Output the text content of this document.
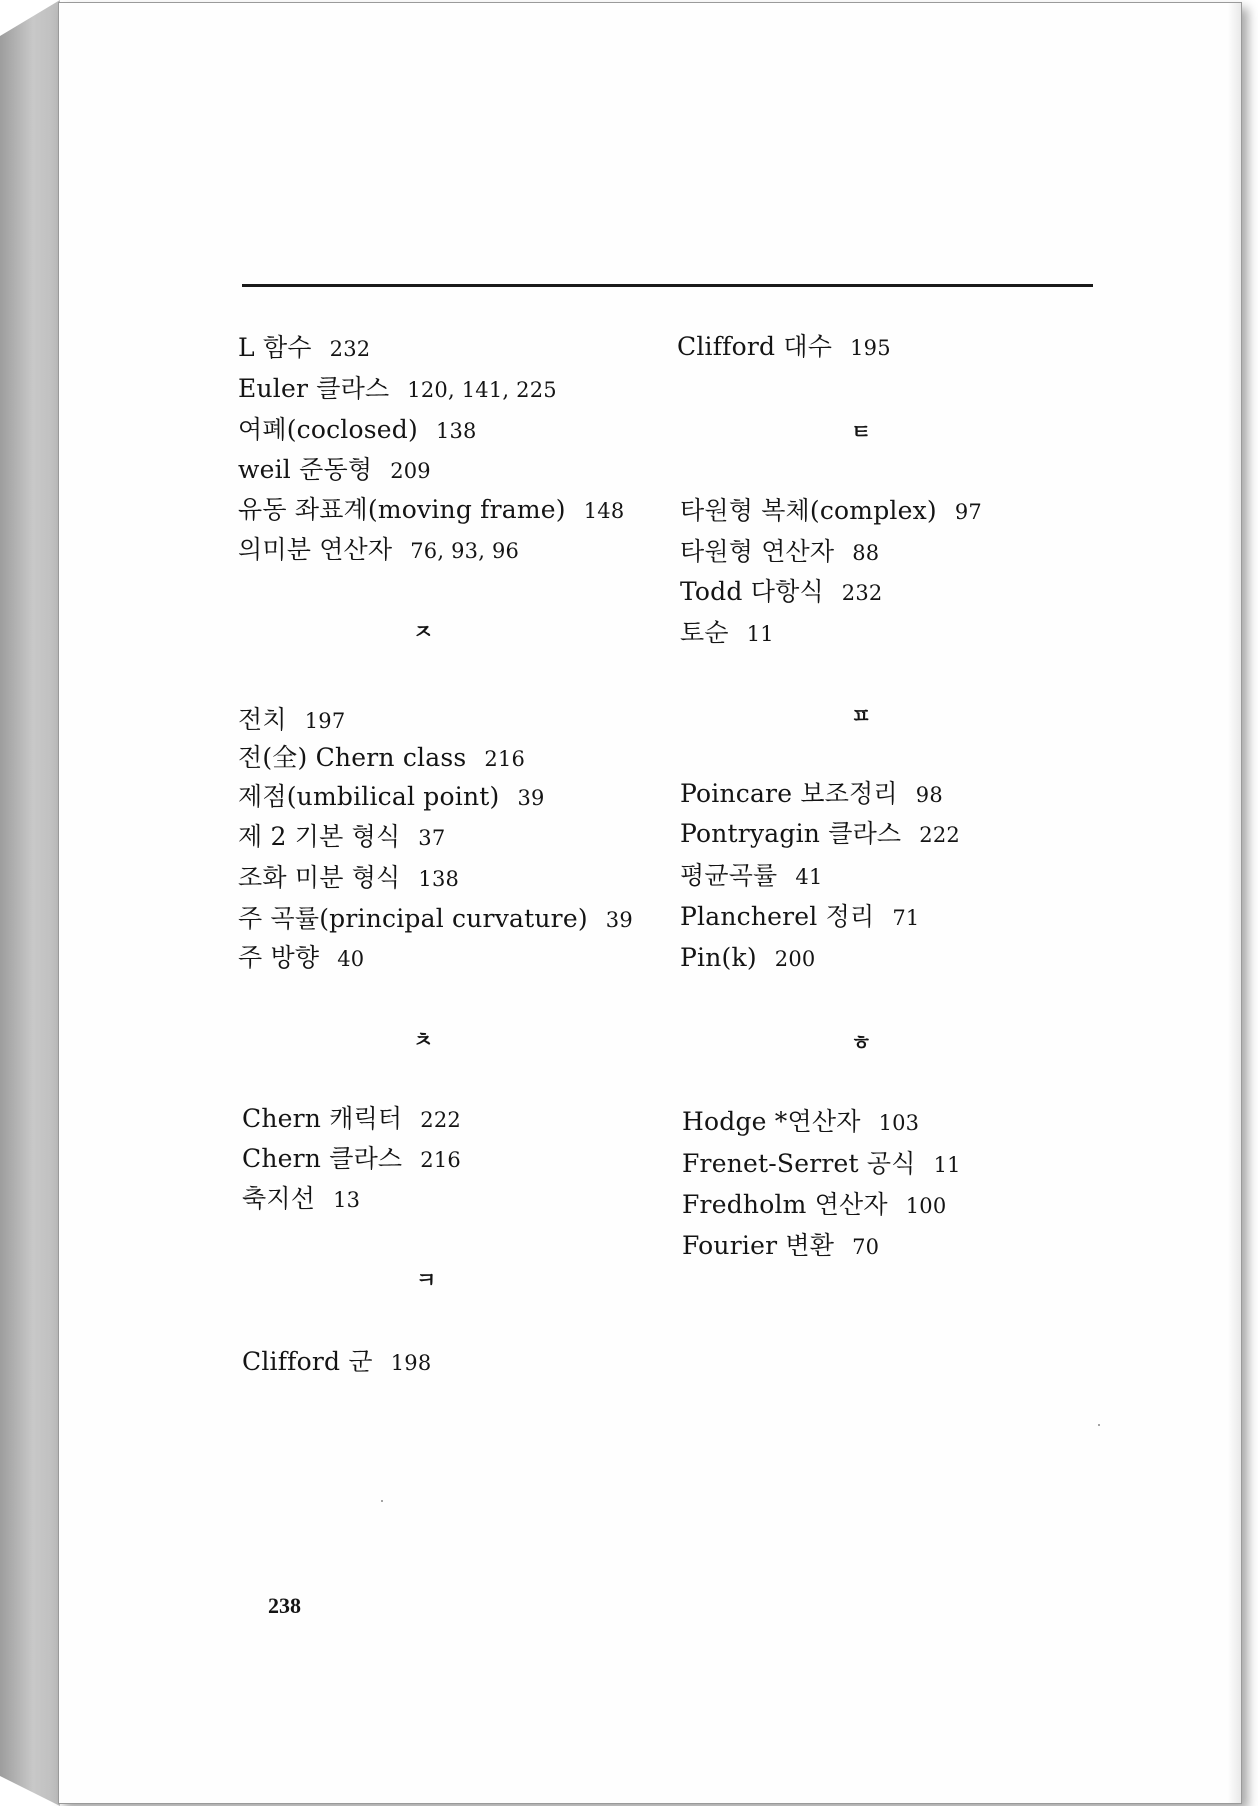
L 함수 232
Euler 클라스 120, 141, 225
여폐(coclosed) 138
weil 준동형 209
유동 좌표계(moving frame) 148
의미분 연산자 76, 93, 96
ㅈ
전치 197
전(全) Chern class 216
제점(umbilical point) 39
제 2 기본 형식 37
조화 미분 형식 138
주 곡률(principal curvature) 39
주 방향 40
ㅊ
Chern 캐릭터 222
Chern 클라스 216
축지선 13
ㅋ
Clifford 군 198
Clifford 대수 195
ㅌ
타원형 복체(complex) 97
타원형 연산자 88
Todd 다항식 232
토순 11
ㅍ
Poincare 보조정리 98
Pontryagin 클라스 222
평균곡률 41
Plancherel 정리 71
Pin(k) 200
ㅎ
Hodge *연산자 103
Frenet-Serret 공식 11
Fredholm 연산자 100
Fourier 변환 70
238
